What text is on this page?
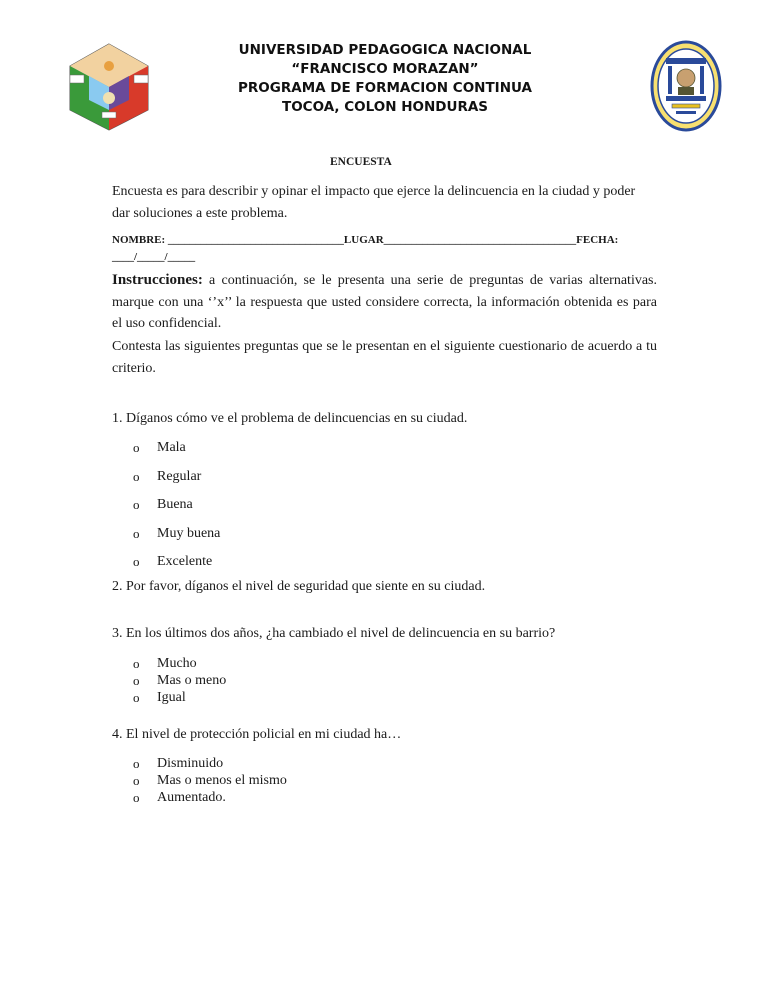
UNIVERSIDAD PEDAGOGICA NACIONAL
“FRANCISCO MORAZAN”
PROGRAMA DE FORMACION CONTINUA
TOCOA, COLON HONDURAS
ENCUESTA
Encuesta es para describir y opinar el impacto que ejerce la delincuencia en la ciudad y poder dar soluciones a este problema.
NOMBRE: ________________________________LUGAR___________________________________FECHA: ____/_____/_____
Instrucciones: a continuación, se le presenta una serie de preguntas de varias alternativas. marque con una ‘’x’’ la respuesta que usted considere correcta, la información obtenida es para el uso confidencial.
Contesta las siguientes preguntas que se le presentan en el siguiente cuestionario de acuerdo a tu criterio.
1. Díganos cómo ve el problema de delincuencias en su ciudad.
o	Mala
o	Regular
o	Buena
o	Muy buena
o	Excelente
2. Por favor, díganos el nivel de seguridad que siente en su ciudad.
3. En los últimos dos años, ¿ha cambiado el nivel de delincuencia en su barrio?
o	Mucho
o	Mas o meno
o	Igual
4. El nivel de protección policial en mi ciudad ha…
o	Disminuido
o	Mas o menos el mismo
o	Aumentado.
